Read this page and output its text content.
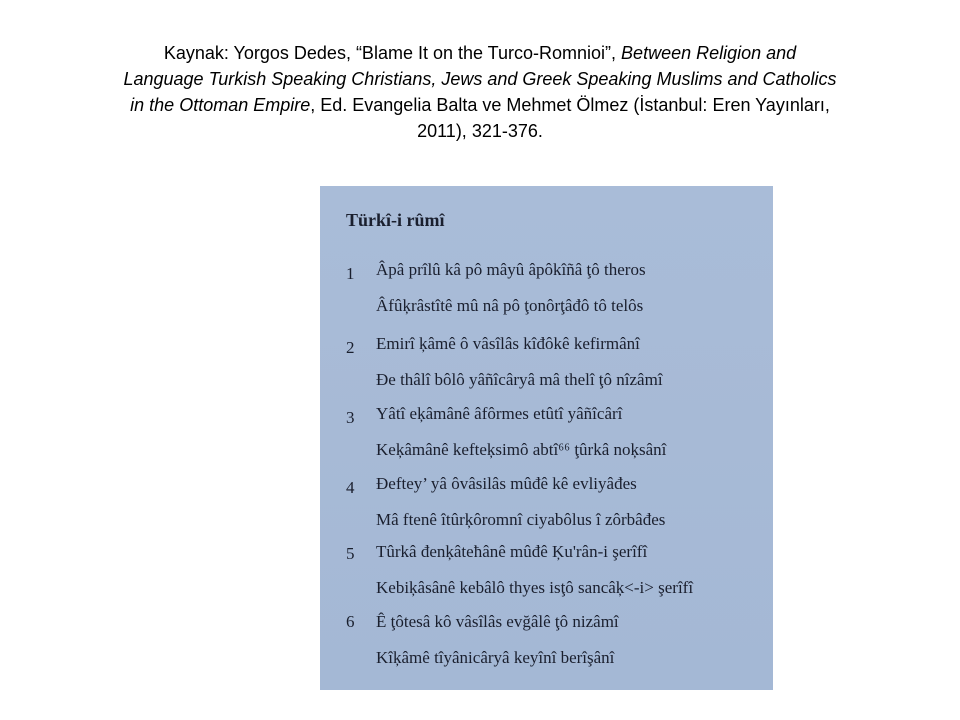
Kaynak: Yorgos Dedes, “Blame It on the Turco-Romnioi”, Between Religion and
Language Turkish Speaking Christians, Jews and Greek Speaking Muslims and Catholics
in the Ottoman Empire, Ed. Evangelia Balta ve Mehmet Ölmez (İstanbul: Eren Yayınları,
2011), 321-376.
Türkî-i rûmî
1 Âpâ prîlû kâ pô mâyû âpôkîñâ ţô theros
Âfûķrâstîtê mû nâ pô ţonôrţâđô tô telôs
2 Emirî ķâmê ô vâsîlâs kîđôkê kefirmânî
Đe thâlî bôlô yâñîcâryâ mâ thelî ţô nîzâmî
3 Yâtî eķâmânê âfôrmes etûtî yâñîcârî
Keķâmânê kefteķsimô abtî⁶⁶ ţûrkâ noķsânî
4 Đeftey’ yâ ôvâsilâs mûđê kê evliyâđes
Mâ ftenê îtûrķôromnî ciyabôlus î zôrbâđes
5 Tûrkâ đenķâteħânê mûđê Ķu'rân-i şerîfî
Kebiķâsânê kebâlô thyes isţô sancâķ<-i> şerîfî
6 Ê ţôtesâ kô vâsîlâs evğâlê ţô nizâmî
Kîķâmê tîyânicâryâ keyînî berîşânî
